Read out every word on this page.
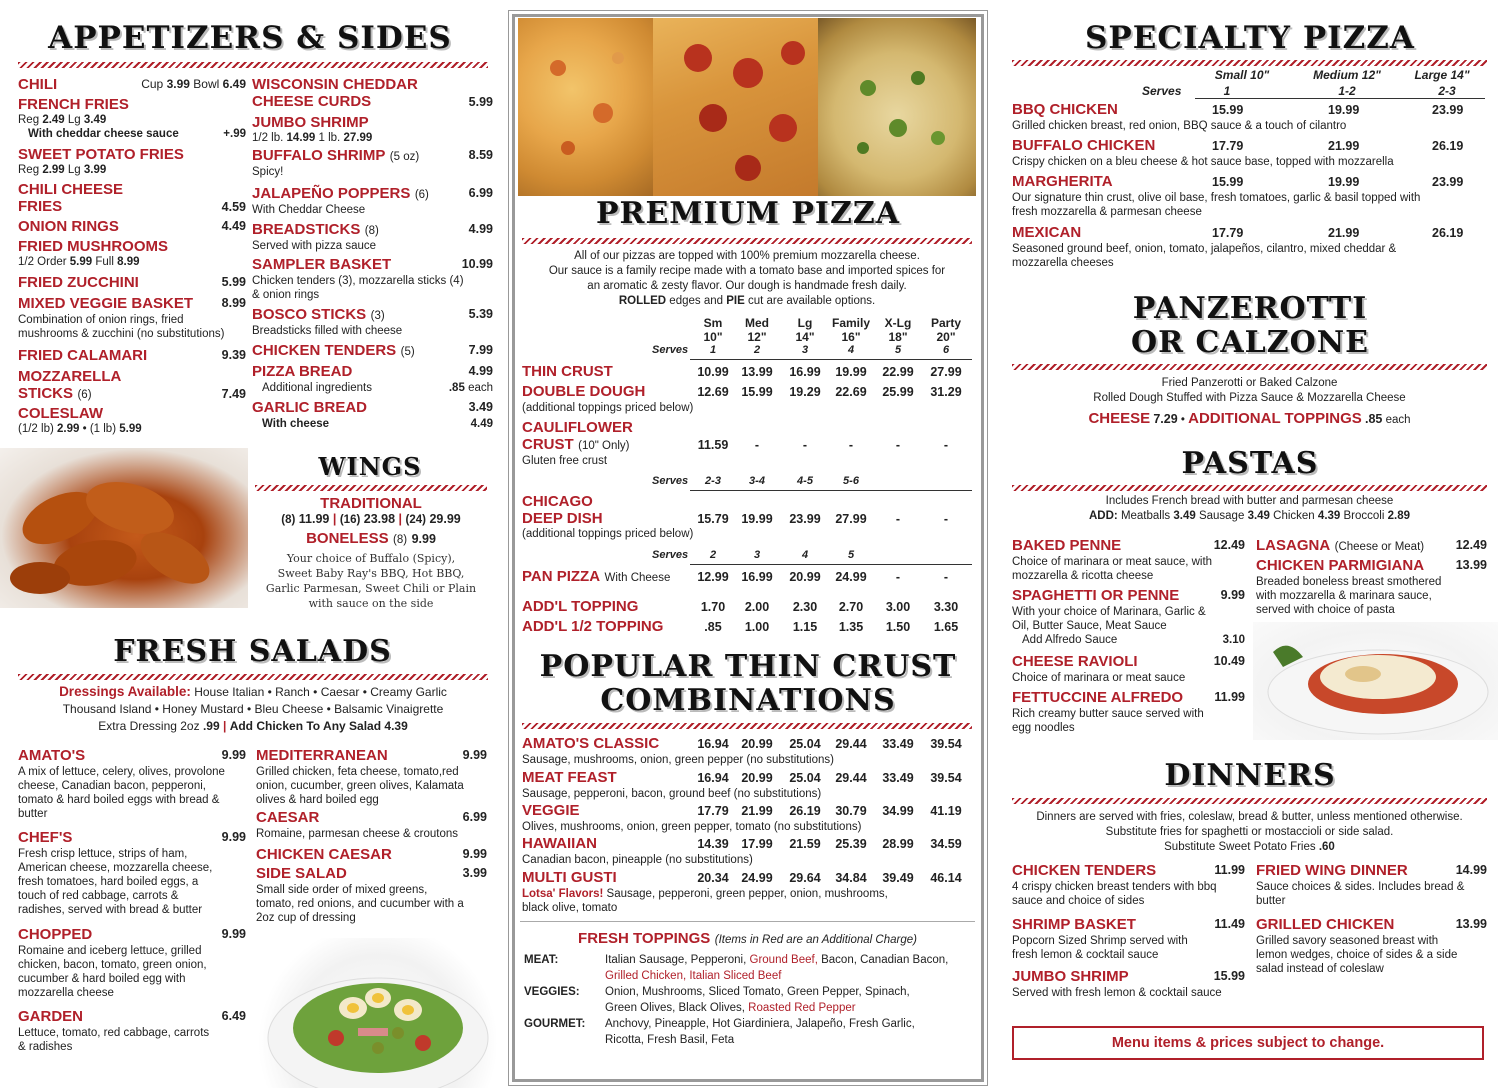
APPETIZERS & SIDES
CHILI	Cup 3.99 Bowl 6.49
FRENCH FRIES
Reg 2.49 Lg 3.49
With cheddar cheese sauce	+.99
SWEET POTATO FRIES
Reg 2.99 Lg 3.99
CHILI CHEESE
FRIES	4.59
ONION RINGS	4.49
FRIED MUSHROOMS
1/2 Order 5.99 Full 8.99
FRIED ZUCCHINI	5.99
MIXED VEGGIE BASKET 8.99
Combination of onion rings, fried
mushrooms & zucchini (no substitutions)
FRIED CALAMARI	9.39
MOZZARELLA
STICKS (6)	7.49
COLESLAW
(1/2 lb) 2.99 • (1 lb) 5.99
WISCONSIN CHEDDAR
CHEESE CURDS	5.99
JUMBO SHRIMP
1/2 lb. 14.99 1 lb. 27.99
BUFFALO SHRIMP (5 oz)	8.59
Spicy!
JALAPEÑO POPPERS (6)	6.99
With Cheddar Cheese
BREADSTICKS (8)	4.99
Served with pizza sauce
SAMPLER BASKET	10.99
Chicken tenders (3), mozzarella sticks (4)
& onion rings
BOSCO STICKS (3)	5.39
Breadsticks filled with cheese
CHICKEN TENDERS (5)	7.99
PIZZA BREAD	4.99
Additional ingredients	.85 each
GARLIC BREAD	3.49
With cheese	4.49
WINGS
TRADITIONAL
(8) 11.99 | (16) 23.98 | (24) 29.99
BONELESS (8) 9.99
Your choice of Buffalo (Spicy),
Sweet Baby Ray's BBQ, Hot BBQ,
Garlic Parmesan, Sweet Chili or Plain
with sauce on the side
FRESH SALADS
Dressings Available: House Italian • Ranch • Caesar • Creamy Garlic
Thousand Island • Honey Mustard • Bleu Cheese • Balsamic Vinaigrette
Extra Dressing 2oz .99 | Add Chicken To Any Salad 4.39
AMATO'S	9.99
A mix of lettuce, celery, olives, provolone
cheese, Canadian bacon, pepperoni,
tomato & hard boiled eggs with bread &
butter
CHEF'S	9.99
Fresh crisp lettuce, strips of ham,
American cheese, mozzarella cheese,
fresh tomatoes, hard boiled eggs, a
touch of red cabbage, carrots &
radishes, served with bread & butter
CHOPPED	9.99
Romaine and iceberg lettuce, grilled
chicken, bacon, tomato, green onion,
cucumber & hard boiled egg with
mozzarella cheese
GARDEN	6.49
Lettuce, tomato, red cabbage, carrots
& radishes
MEDITERRANEAN	9.99
Grilled chicken, feta cheese, tomato,red
onion, cucumber, green olives, Kalamata
olives & hard boiled egg
CAESAR	6.99
Romaine, parmesan cheese & croutons
CHICKEN CAESAR	9.99
SIDE SALAD	3.99
Small side order of mixed greens,
tomato, red onions, and cucumber with a
2oz cup of dressing
PREMIUM PIZZA
All of our pizzas are topped with 100% premium mozzarella cheese.
Our sauce is a family recipe made with a tomato base and imported spices for
an aromatic & zesty flavor. Our dough is handmade fresh daily.
ROLLED edges and PIE cut are available options.
Sm	Med	Lg	Family	X-Lg	Party
10"	12"	14"	16"	18"	20"
Serves	1	2	3	4	5	6
THIN CRUST	10.99	13.99	16.99	19.99	22.99	27.99
DOUBLE DOUGH	12.69	15.99	19.29	22.69	25.99	31.29
(additional toppings priced below)
CAULIFLOWER
CRUST (10" Only)
Gluten free crust
11.59	-	-	-	-	-
Serves	2-3	3-4	4-5	5-6
CHICAGO
DEEP DISH
(additional toppings priced below)
15.79	19.99	23.99	27.99	-	-
Serves	2	3	4	5
PAN PIZZA With Cheese	12.99	16.99	20.99	24.99	-	-
ADD'L TOPPING	1.70	2.00	2.30	2.70	3.00	3.30
ADD'L 1/2 TOPPING	.85	1.00	1.15	1.35	1.50	1.65
POPULAR THIN CRUST
COMBINATIONS
AMATO'S CLASSIC	16.94	20.99	25.04	29.44	33.49	39.54
Sausage, mushrooms, onion, green pepper (no substitutions)
MEAT FEAST	16.94	20.99	25.04	29.44	33.49	39.54
Sausage, pepperoni, bacon, ground beef (no substitutions)
VEGGIE	17.79	21.99	26.19	30.79	34.99	41.19
Olives, mushrooms, onion, green pepper, tomato (no substitutions)
HAWAIIAN	14.39	17.99	21.59	25.39	28.99	34.59
Canadian bacon, pineapple (no substitutions)
MULTI GUSTI	20.34	24.99	29.64	34.84	39.49	46.14
Lotsa' Flavors! Sausage, pepperoni, green pepper, onion, mushrooms,
black olive, tomato
FRESH TOPPINGS (Items in Red are an Additional Charge)
MEAT:	Italian Sausage, Pepperoni, Ground Beef, Bacon, Canadian Bacon,
Grilled Chicken, Italian Sliced Beef
VEGGIES: Onion, Mushrooms, Sliced Tomato, Green Pepper, Spinach,
Green Olives, Black Olives, Roasted Red Pepper
GOURMET: Anchovy, Pineapple, Hot Giardiniera, Jalapeño, Fresh Garlic,
Ricotta, Fresh Basil, Feta
SPECIALTY PIZZA
Small 10"	Medium 12"	Large 14"
Serves	1	1-2	2-3
BBQ CHICKEN	15.99	19.99	23.99
Grilled chicken breast, red onion, BBQ sauce & a touch of cilantro
BUFFALO CHICKEN	17.79	21.99	26.19
Crispy chicken on a bleu cheese & hot sauce base, topped with mozzarella
MARGHERITA	15.99	19.99	23.99
Our signature thin crust, olive oil base, fresh tomatoes, garlic & basil topped with
fresh mozzarella & parmesan cheese
MEXICAN	17.79	21.99	26.19
Seasoned ground beef, onion, tomato, jalapeños, cilantro, mixed cheddar &
mozzarella cheeses
PANZEROTTI
OR CALZONE
Fried Panzerotti or Baked Calzone
Rolled Dough Stuffed with Pizza Sauce & Mozzarella Cheese
CHEESE 7.29 • ADDITIONAL TOPPINGS .85 each
PASTAS
Includes French bread with butter and parmesan cheese
ADD: Meatballs 3.49 Sausage 3.49 Chicken 4.39 Broccoli 2.89
BAKED PENNE	12.49
Choice of marinara or meat sauce, with
mozzarella & ricotta cheese
SPAGHETTI OR PENNE	9.99
With your choice of Marinara, Garlic &
Oil, Butter Sauce, Meat Sauce
Add Alfredo Sauce	3.10
CHEESE RAVIOLI	10.49
Choice of marinara or meat sauce
FETTUCCINE ALFREDO	11.99
Rich creamy butter sauce served with
egg noodles
LASAGNA (Cheese or Meat)	12.49
CHICKEN PARMIGIANA	13.99
Breaded boneless breast smothered
with mozzarella & marinara sauce,
served with choice of pasta
DINNERS
Dinners are served with fries, coleslaw, bread & butter, unless mentioned otherwise.
Substitute fries for spaghetti or mostaccioli or side salad.
Substitute Sweet Potato Fries .60
CHICKEN TENDERS	11.99
4 crispy chicken breast tenders with bbq
sauce and choice of sides
SHRIMP BASKET	11.49
Popcorn Sized Shrimp served with
fresh lemon & cocktail sauce
JUMBO SHRIMP	15.99
Served with fresh lemon & cocktail sauce
FRIED WING DINNER	14.99
Sauce choices & sides. Includes bread &
butter
GRILLED CHICKEN	13.99
Grilled savory seasoned breast with
lemon wedges, choice of sides & a side
salad instead of coleslaw
Menu items & prices subject to change.
